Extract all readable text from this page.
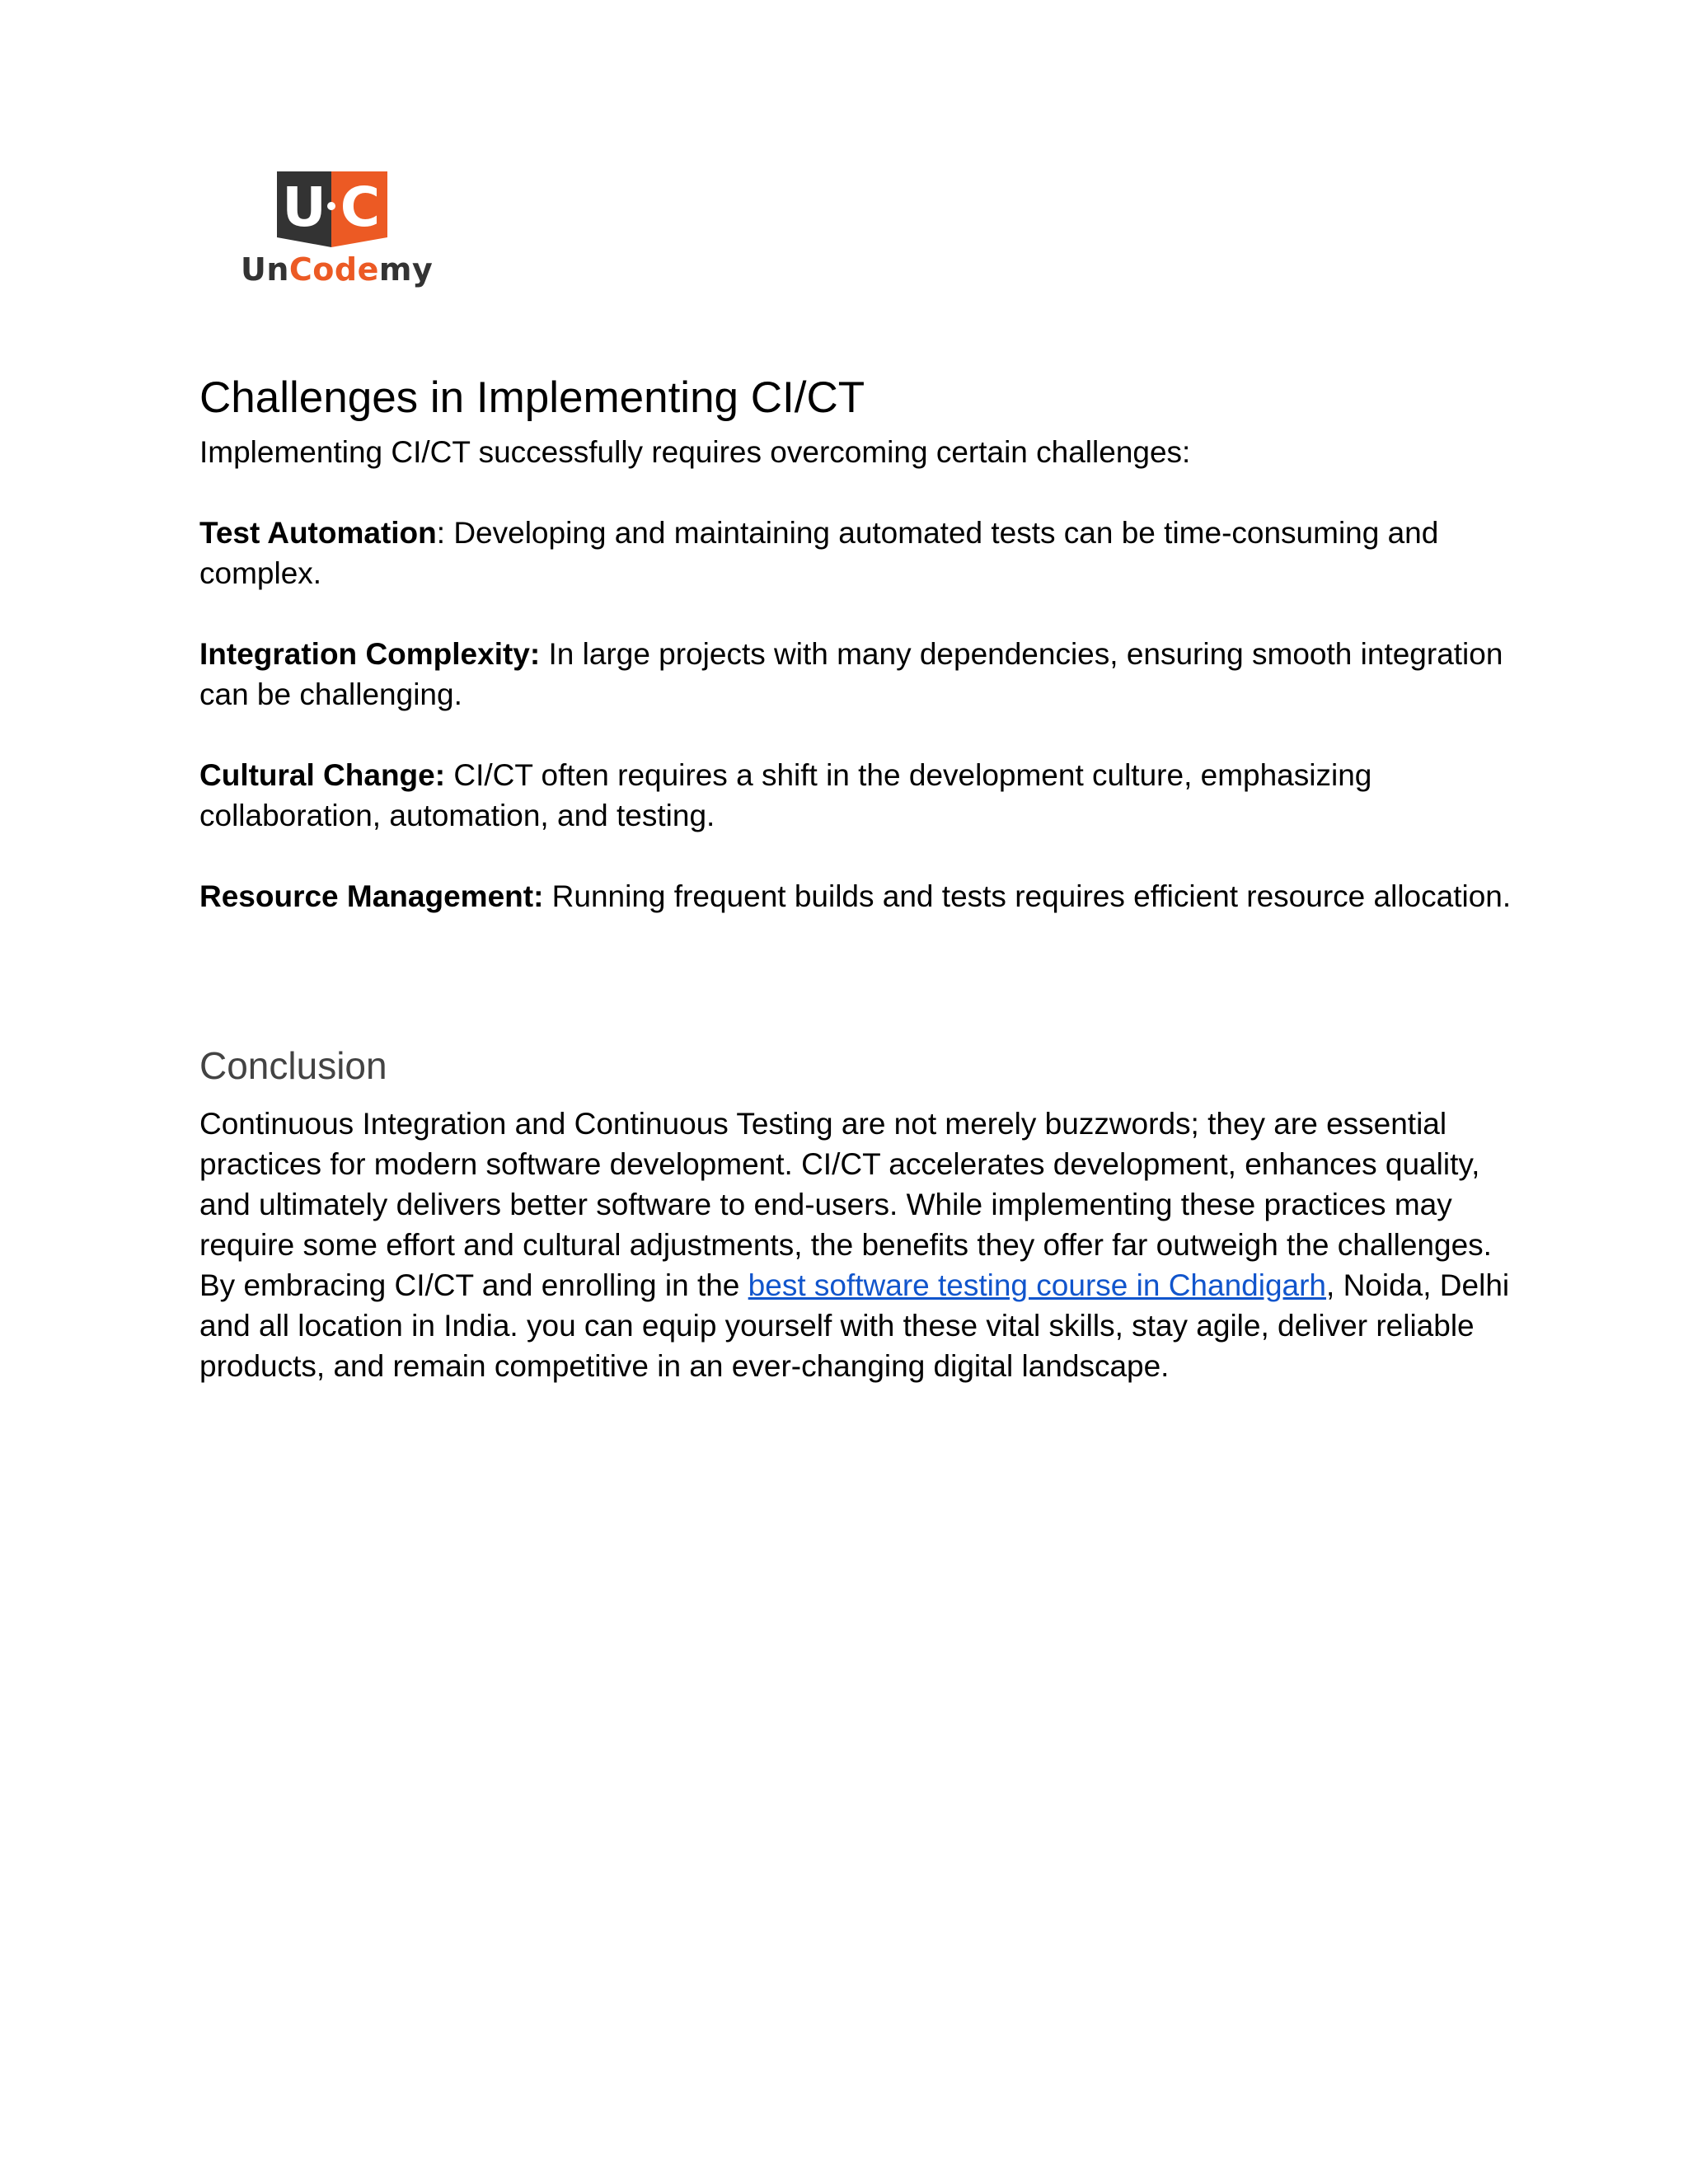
U C
UnCodemy
Challenges in Implementing CI/CT

Implementing CI/CT successfully requires overcoming certain challenges:

Test Automation: Developing and maintaining automated tests can be time-consuming and complex.

Integration Complexity: In large projects with many dependencies, ensuring smooth integration can be challenging.

Cultural Change: CI/CT often requires a shift in the development culture, emphasizing collaboration, automation, and testing.

Resource Management: Running frequent builds and tests requires efficient resource allocation.

Conclusion

Continuous Integration and Continuous Testing are not merely buzzwords; they are essential practices for modern software development. CI/CT accelerates development, enhances quality, and ultimately delivers better software to end-users. While implementing these practices may require some effort and cultural adjustments, the benefits they offer far outweigh the challenges. By embracing CI/CT and enrolling in the best software testing course in Chandigarh, Noida, Delhi and all location in India. you can equip yourself with these vital skills, stay agile, deliver reliable products, and remain competitive in an ever-changing digital landscape.
